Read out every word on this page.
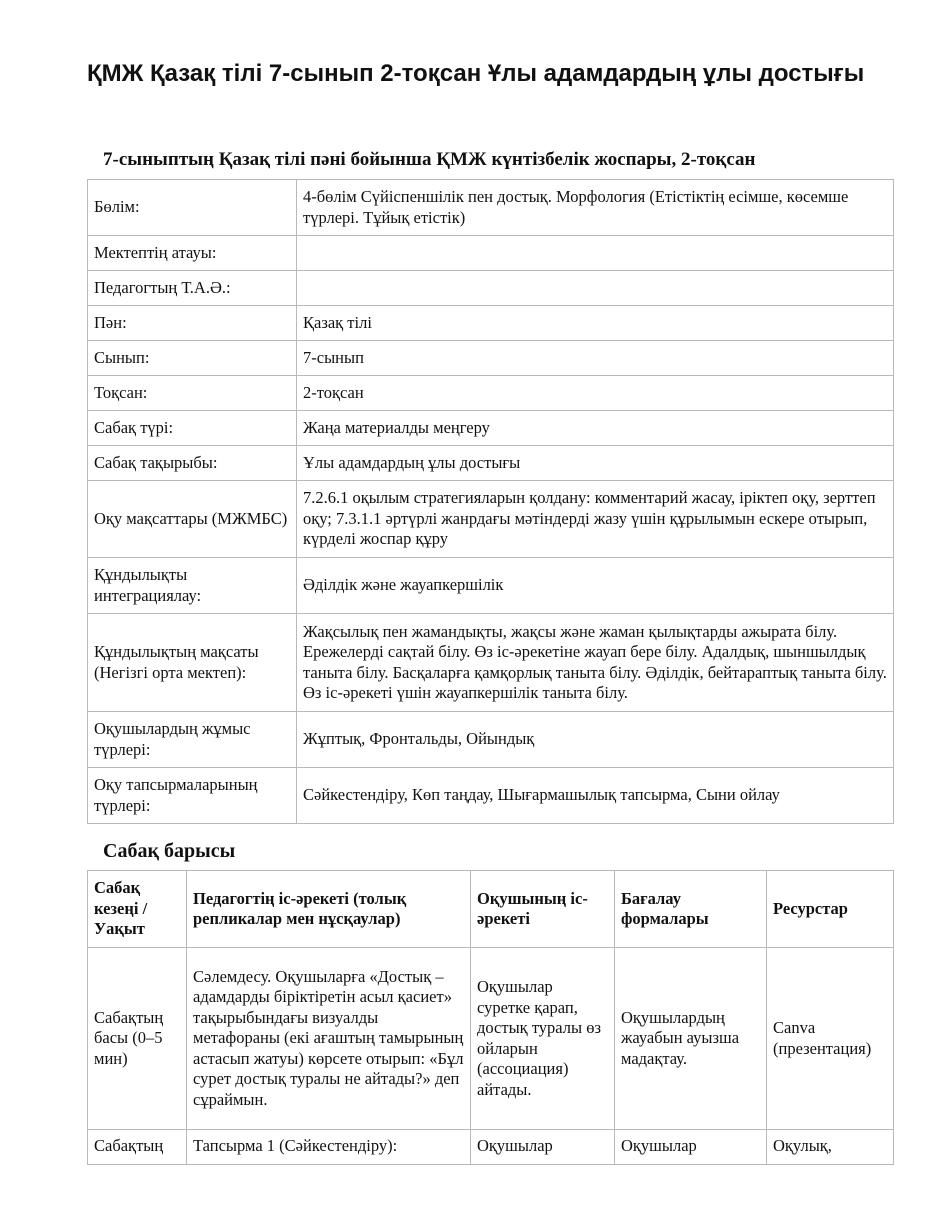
ҚМЖ Қазақ тілі 7-сынып 2-тоқсан Ұлы адамдардың ұлы достығы
7-сыныптың Қазақ тілі пәні бойынша ҚМЖ күнтізбелік жоспары, 2-тоқсан
Бөлім:	4-бөлім Сүйіспеншілік пен достық. Морфология (Етістіктің есімше, көсемше түрлері. Тұйық етістік)
Мектептің атауы:	
Педагогтың Т.А.Ә.:	
Пән:	Қазақ тілі
Сынып:	7-сынып
Тоқсан:	2-тоқсан
Сабақ түрі:	Жаңа материалды меңгеру
Сабақ тақырыбы:	Ұлы адамдардың ұлы достығы
Оқу мақсаттары (МЖМБС)	7.2.6.1 оқылым стратегияларын қолдану: комментарий жасау, іріктеп оқу, зерттеп оқу; 7.3.1.1 әртүрлі жанрдағы мәтіндерді жазу үшін құрылымын ескере отырып, күрделі жоспар құру
Құндылықты интеграциялау:	Әділдік және жауапкершілік
Құндылықтың мақсаты (Негізгі орта мектеп):	Жақсылық пен жамандықты, жақсы және жаман қылықтарды ажырата білу. Ережелерді сақтай білу. Өз іс-әрекетіне жауап бере білу. Адалдық, шыншылдық таныта білу. Басқаларға қамқорлық таныта білу. Әділдік, бейтараптық таныта білу. Өз іс-әрекеті үшін жауапкершілік таныта білу.
Оқушылардың жұмыс түрлері:	Жұптық, Фронтальды, Ойындық
Оқу тапсырмаларының түрлері:	Сәйкестендіру, Көп таңдау, Шығармашылық тапсырма, Сыни ойлау
Сабақ барысы
Сабақ кезеңі / Уақыт	Педагогтің іс-әрекеті (толық репликалар мен нұсқаулар)	Оқушының іс-әрекеті	Бағалау формалары	Ресурстар
Сабақтың басы (0–5 мин)	Сәлемдесу. Оқушыларға «Достық – адамдарды біріктіретін асыл қасиет» тақырыбындағы визуалды метафораны (екі ағаштың тамырының астасып жатуы) көрсете отырып: «Бұл сурет достық туралы не айтады?» деп сұраймын.	Оқушылар суретке қарап, достық туралы өз ойларын (ассоциация) айтады.	Оқушылардың жауабын ауызша мадақтау.	Canva (презентация)
Сабақтың	Тапсырма 1 (Сәйкестендіру):	Оқушылар	Оқушылар	Оқулық,
